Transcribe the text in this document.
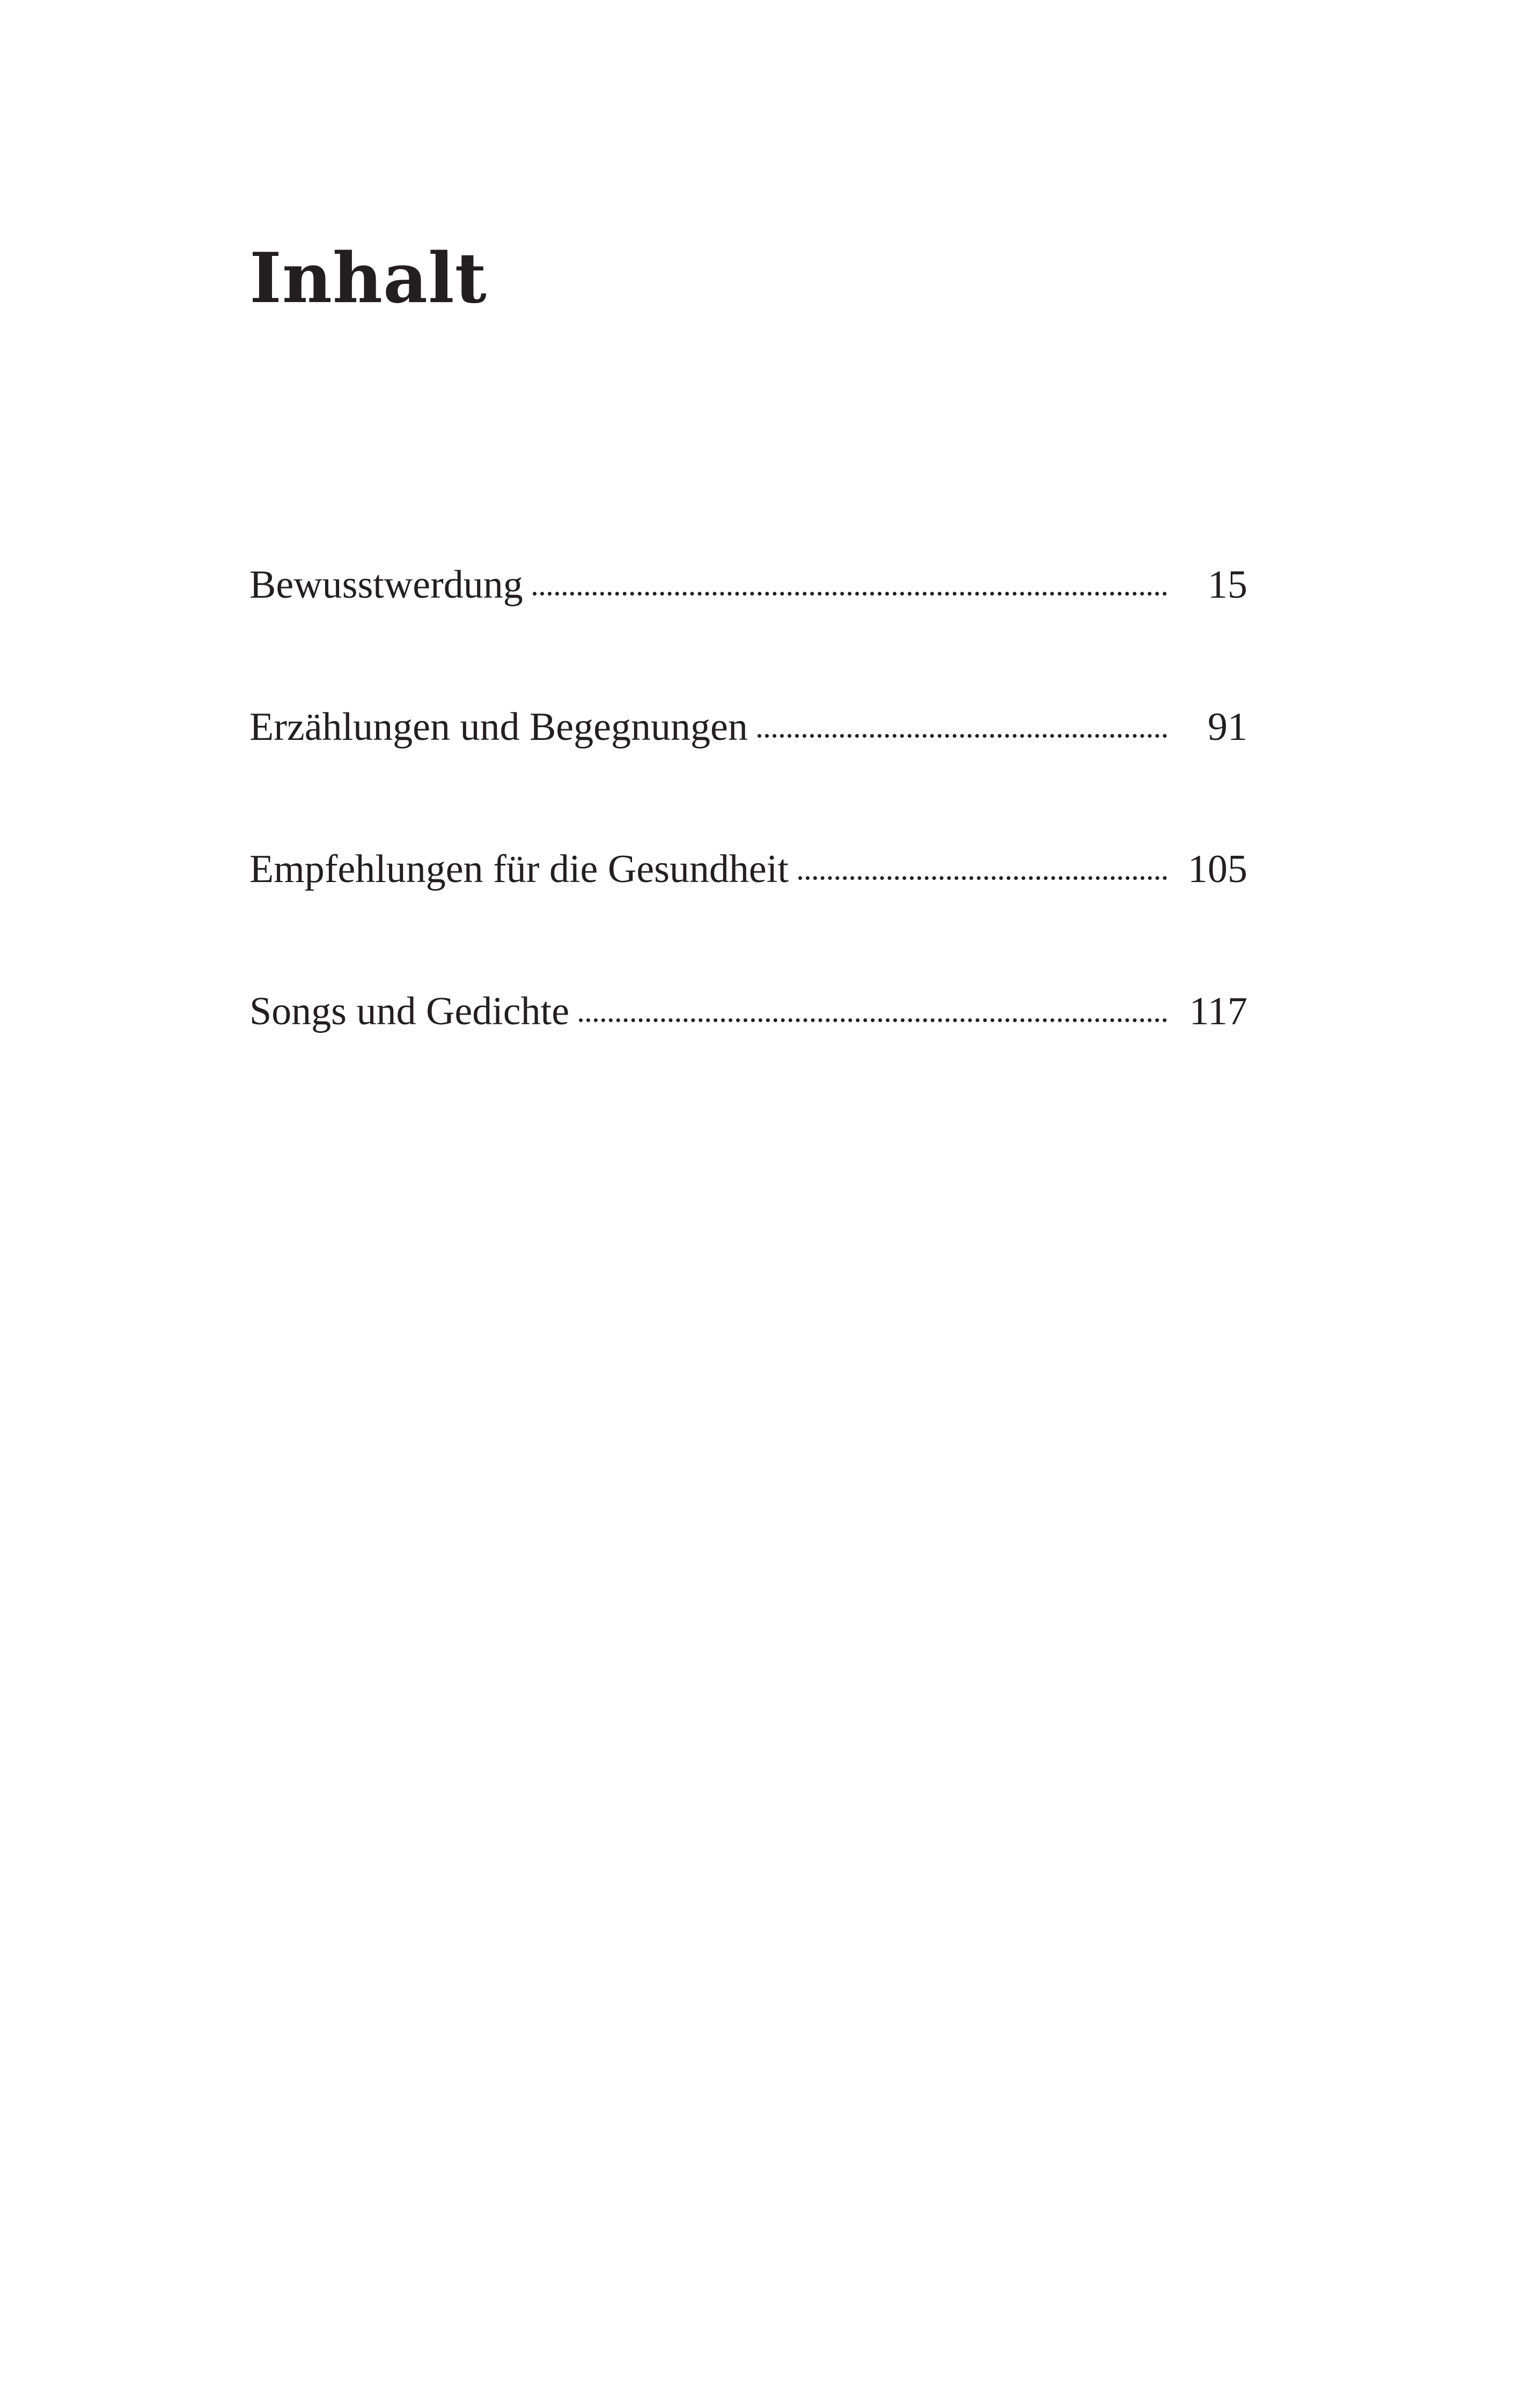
Inhalt
Bewusstwerdung	15
Erzählungen und Begegnungen	91
Empfehlungen für die Gesundheit	105
Songs und Gedichte	117
